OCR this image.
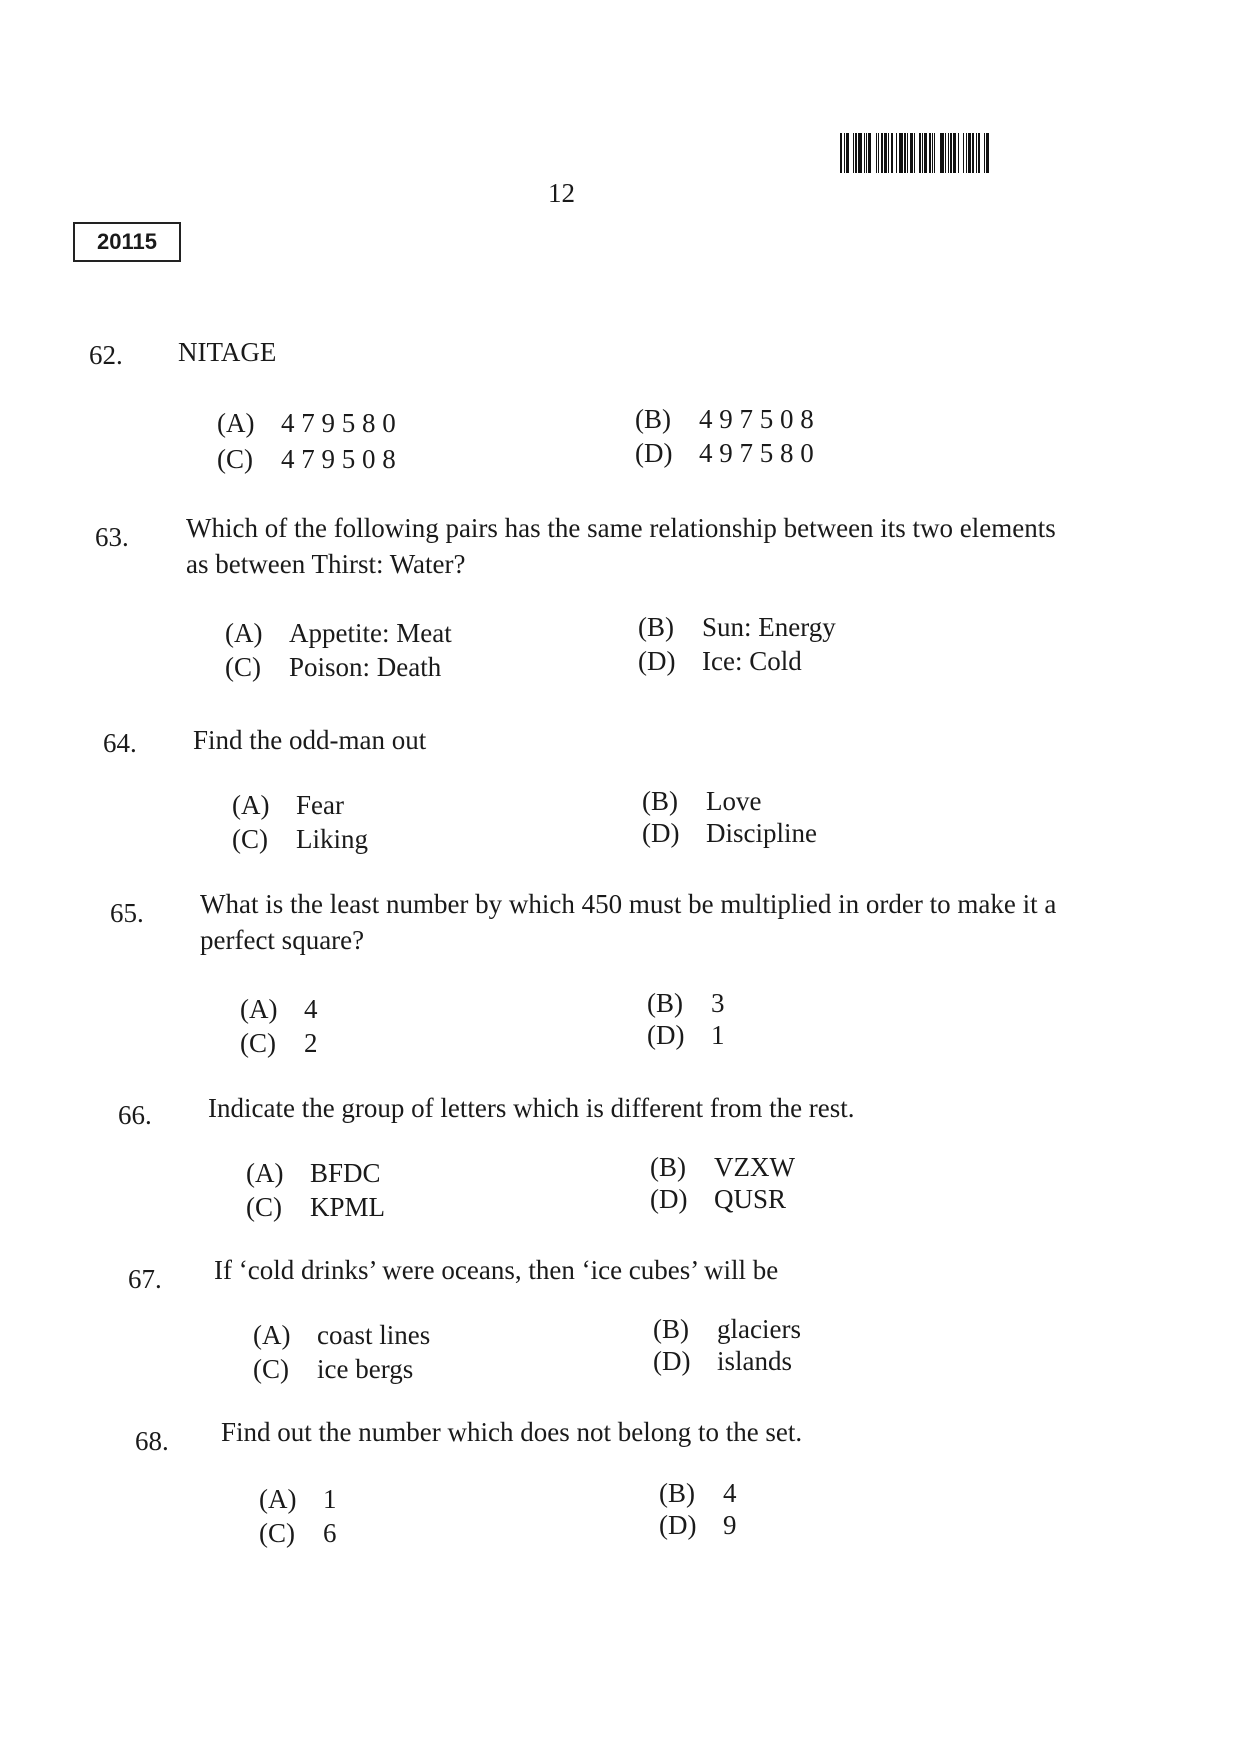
12
20115
62. NITAGE
(A) 4 7 9 5 8 0	(B) 4 9 7 5 0 8
(C) 4 7 9 5 0 8	(D) 4 9 7 5 8 0
63. Which of the following pairs has the same relationship between its two elements as between Thirst: Water?
(A) Appetite: Meat	(B) Sun: Energy
(C) Poison: Death	(D) Ice: Cold
64. Find the odd-man out
(A) Fear	(B) Love
(C) Liking	(D) Discipline
65. What is the least number by which 450 must be multiplied in order to make it a perfect square?
(A) 4	(B) 3
(C) 2	(D) 1
66. Indicate the group of letters which is different from the rest.
(A) BFDC	(B) VZXW
(C) KPML	(D) QUSR
67. If ‘cold drinks’ were oceans, then ‘ice cubes’ will be
(A) coast lines	(B) glaciers
(C) ice bergs	(D) islands
68. Find out the number which does not belong to the set.
(A) 1	(B) 4
(C) 6	(D) 9
